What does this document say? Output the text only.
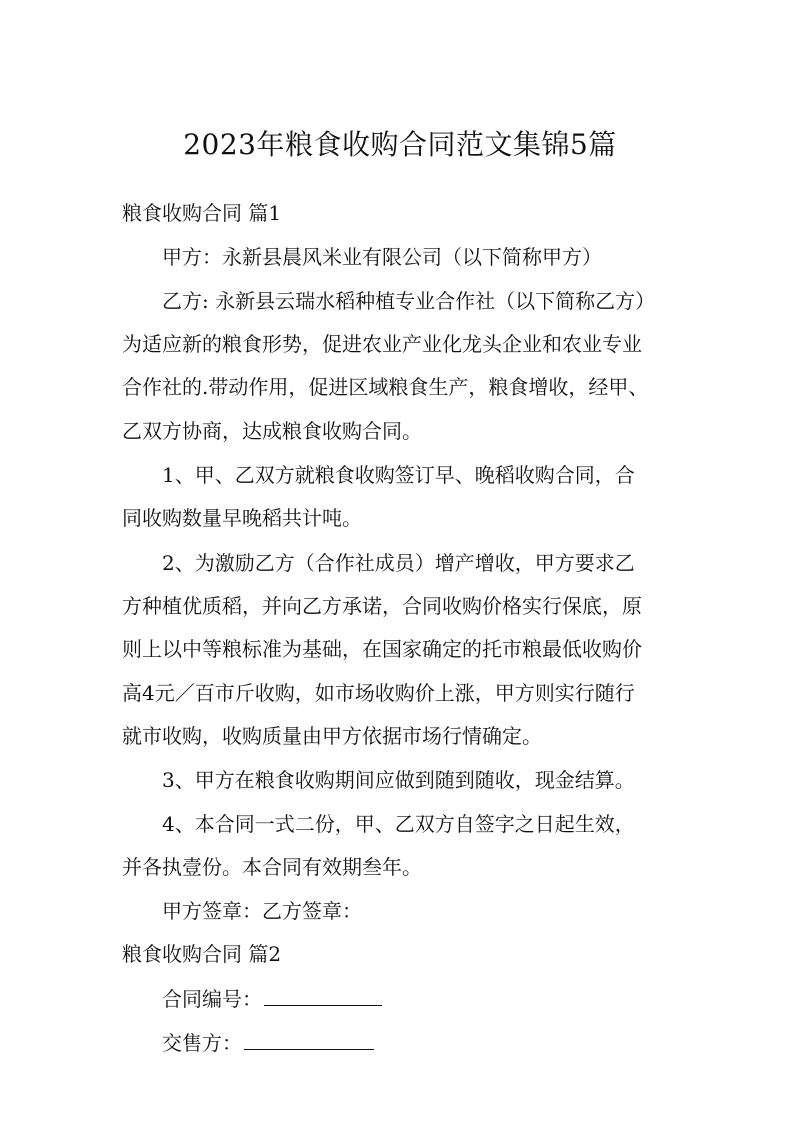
2023年粮食收购合同范文集锦5篇

粮食收购合同 篇1

甲方：永新县晨风米业有限公司（以下简称甲方）

乙方: 永新县云瑞水稻种植专业合作社（以下简称乙方）

为适应新的粮食形势，促进农业产业化龙头企业和农业专业

合作社的.带动作用，促进区域粮食生产，粮食增收，经甲、

乙双方协商，达成粮食收购合同。

1、甲、乙双方就粮食收购签订早、晚稻收购合同，合

同收购数量早晚稻共计吨。

2、为激励乙方（合作社成员）增产增收，甲方要求乙

方种植优质稻，并向乙方承诺，合同收购价格实行保底，原

则上以中等粮标准为基础，在国家确定的托市粮最低收购价

高4元／百市斤收购，如市场收购价上涨，甲方则实行随行

就市收购，收购质量由甲方依据市场行情确定。

3、甲方在粮食收购期间应做到随到随收，现金结算。

4、本合同一式二份，甲、乙双方自签字之日起生效，

并各执壹份。本合同有效期叁年。

甲方签章：乙方签章：

粮食收购合同 篇2

合同编号：
交售方：
